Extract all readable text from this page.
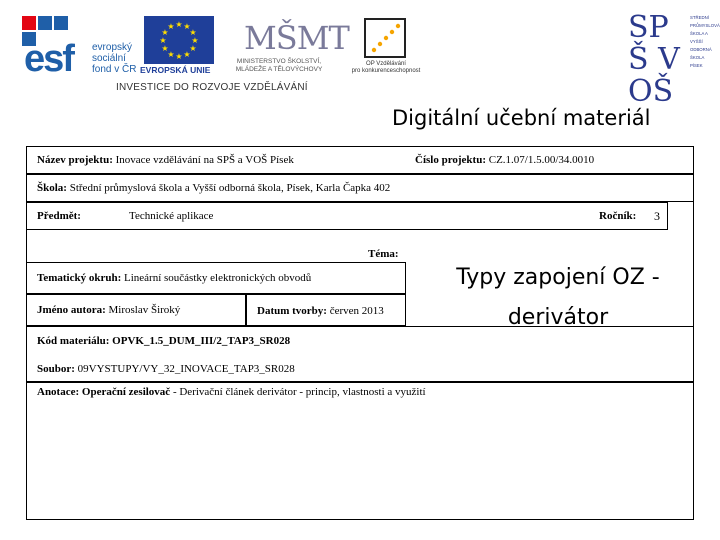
esf evropský
sociální
fond v ČR
★ ★
★
★
★
★
★
★
★
★
★
★
EVROPSKÁ UNIE
MŠMT
MINISTERSTVO ŠKOLSTVÍ,
MLÁDEŽE A TĚLOVÝCHOVY
OP Vzdělávání
pro konkurenceschopnost
SPŠ VOŠ
STŘEDNÍ PRŮMYSLOVÁ ŠKOLA A VYŠŠÍ ODBORNÁ ŠKOLA PÍSEK
INVESTICE DO ROZVOJE VZDĚLÁVÁNÍ
Digitální učební materiál
Název projektu: Inovace vzdělávání na SPŠ a VOŠ Písek	Číslo projektu: CZ.1.07/1.5.00/34.0010
Škola: Střední průmyslová škola a Vyšší odborná škola, Písek, Karla Čapka 402
Předmět:	Technické aplikace	Ročník: 3
Téma:
Tematický okruh: Lineární součástky elektronických obvodů
Jméno autora: Miroslav Široký	Datum tvorby: červen 2013
Kód materiálu: OPVK_1.5_DUM_III/2_TAP3_SR028
Soubor: 09VYSTUPY/VY_32_INOVACE_TAP3_SR028
Anotace: Operační zesilovač - Derivační článek derivátor - princip, vlastnosti a využití
Typy zapojení OZ -
derivátor
